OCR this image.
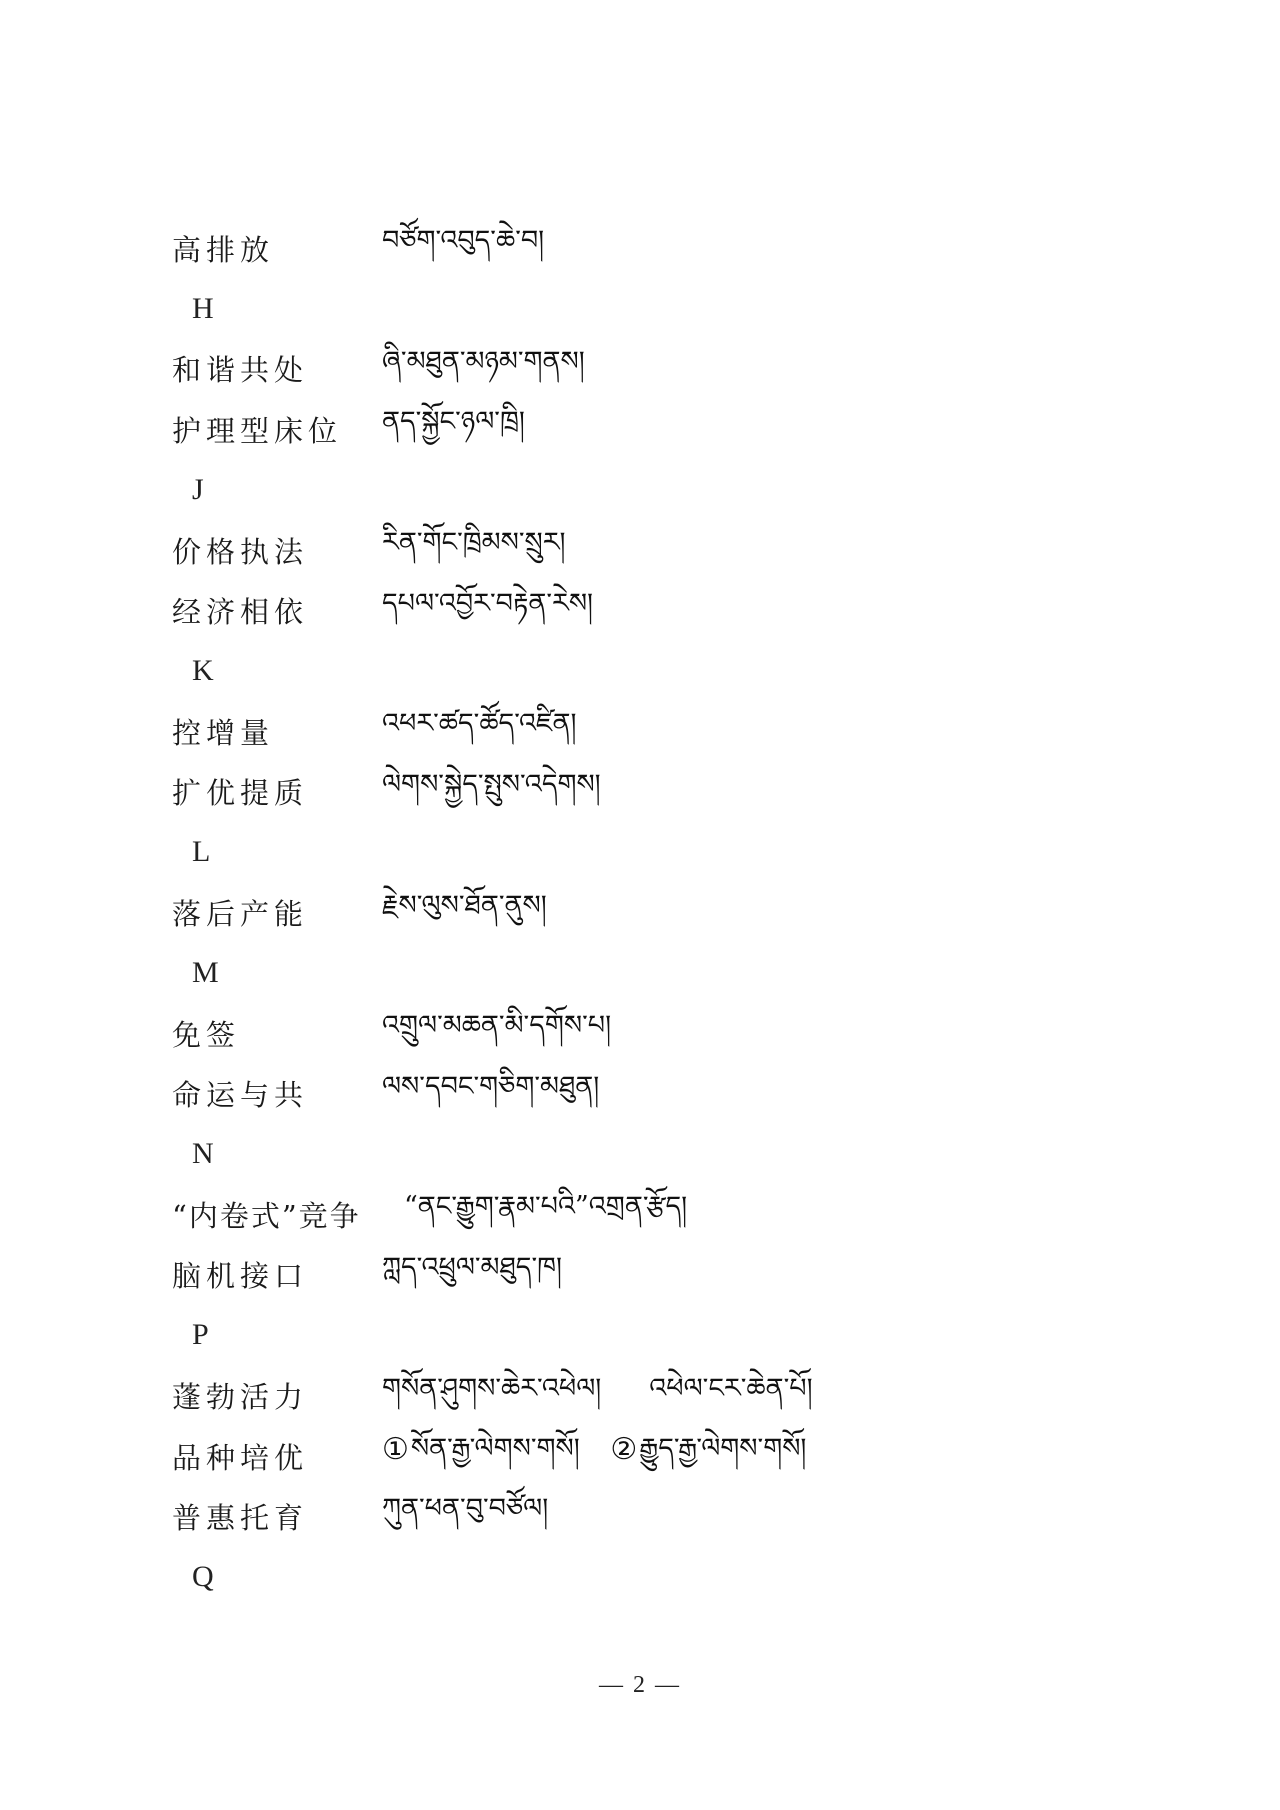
高排放	བཙོག་འབུད་ཆེ་བ།
H
和谐共处	ཞི་མཐུན་མཉམ་གནས།
护理型床位	ནད་སྐྱོང་ཉལ་ཁྲི།
J
价格执法	རིན་གོང་ཁྲིམས་སྲུར།
经济相依	དཔལ་འབྱོར་བརྟེན་རེས།
K
控增量	འཕར་ཚད་ཚོད་འཛིན།
扩优提质	ལེགས་སྐྱེད་སྤུས་འདེགས།
L
落后产能	རྗེས་ལུས་ཐོན་ནུས།
M
免签	འགྲུལ་མཆན་མི་དགོས་པ།
命运与共	ལས་དབང་གཅིག་མཐུན།
N
“内卷式”竞争	“ནང་རྒྱུག་རྣམ་པའི”འགྲན་རྩོད།
脑机接口	ཀླད་འཕྲུལ་མཐུད་ཁ།
P
蓬勃活力	གསོན་ཤུགས་ཆེར་འཕེལ། འཕེལ་ངར་ཆེན་པོ།
品种培优	①སོན་རྒྱ་ལེགས་གསོ། ②རྒྱུད་རྒྱ་ལེགས་གསོ།
普惠托育	ཀུན་ཕན་བུ་བཙོལ།
Q
— 2 —
